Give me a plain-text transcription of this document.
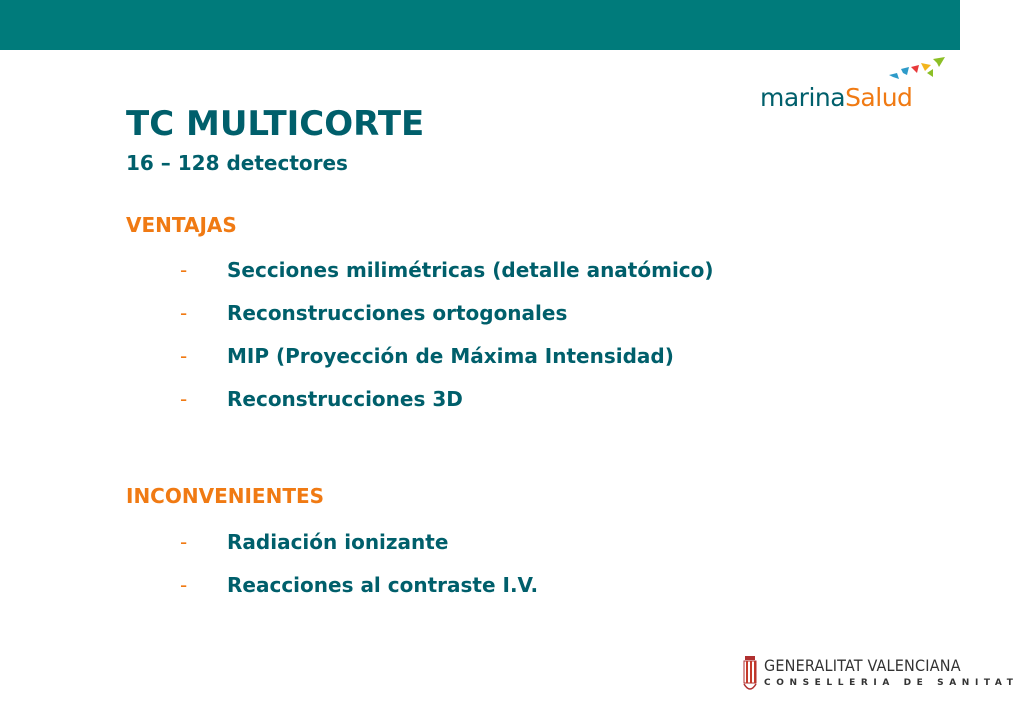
marinaSalud
TC MULTICORTE
16 – 128 detectores
VENTAJAS
- Secciones milimétricas (detalle anatómico)
- Reconstrucciones ortogonales
- MIP (Proyección de Máxima Intensidad)
- Reconstrucciones 3D
INCONVENIENTES
- Radiación ionizante
- Reacciones al contraste I.V.
GENERALITAT VALENCIANA
CONSELLERIA DE SANITAT
